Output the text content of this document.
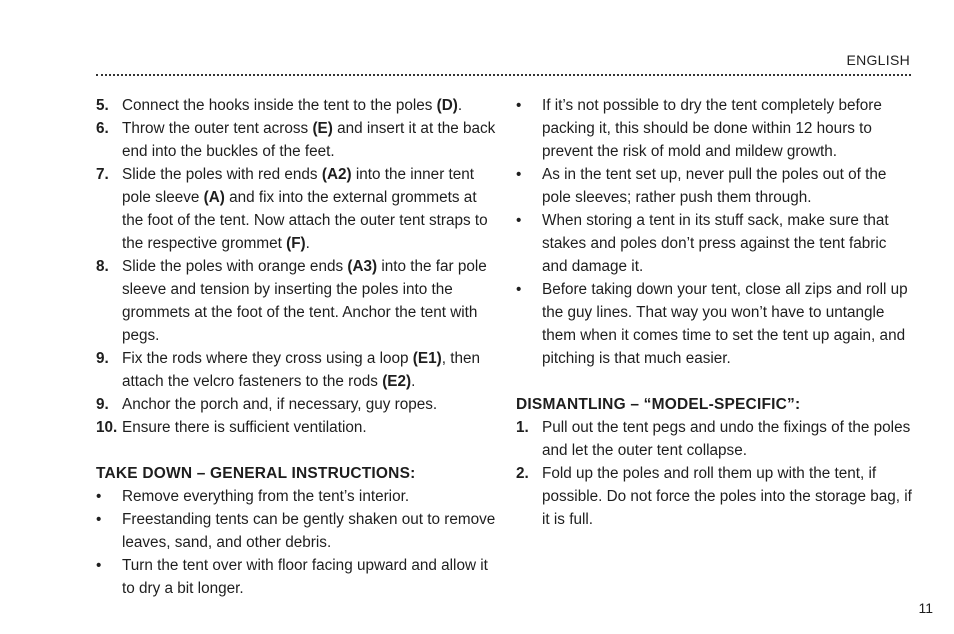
ENGLISH
5. Connect the hooks inside the tent to the poles (D).
6. Throw the outer tent across (E) and insert it at the back end into the buckles of the feet.
7. Slide the poles with red ends (A2) into the inner tent pole sleeve (A) and fix into the external grommets at the foot of the tent. Now attach the outer tent straps to the respective grommet (F).
8. Slide the poles with orange ends (A3) into the far pole sleeve and tension by inserting the poles into the grommets at the foot of the tent. Anchor the tent with pegs.
9. Fix the rods where they cross using a loop (E1), then attach the velcro fasteners to the rods (E2).
9. Anchor the porch and, if necessary, guy ropes.
10. Ensure there is sufficient ventilation.
TAKE DOWN – GENERAL INSTRUCTIONS:
•
Remove everything from the tent’s interior.
•
Freestanding tents can be gently shaken out to remove leaves, sand, and other debris.
•
Turn the tent over with floor facing upward and allow it to dry a bit longer.
•
If it’s not possible to dry the tent completely before packing it, this should be done within 12 hours to prevent the risk of mold and mildew growth.
•
As in the tent set up, never pull the poles out of the pole sleeves; rather push them through.
•
When storing a tent in its stuff sack, make sure that stakes and poles don’t press against the tent fabric and damage it.
•
Before taking down your tent, close all zips and roll up the guy lines. That way you won’t have to untangle them when it comes time to set the tent up again, and pitching is that much easier.
DISMANTLING – “MODEL-SPECIFIC”:
1. Pull out the tent pegs and undo the fixings of the poles and let the outer tent collapse.
2. Fold up the poles and roll them up with the tent, if possible. Do not force the poles into the storage bag, if it is full.
11
